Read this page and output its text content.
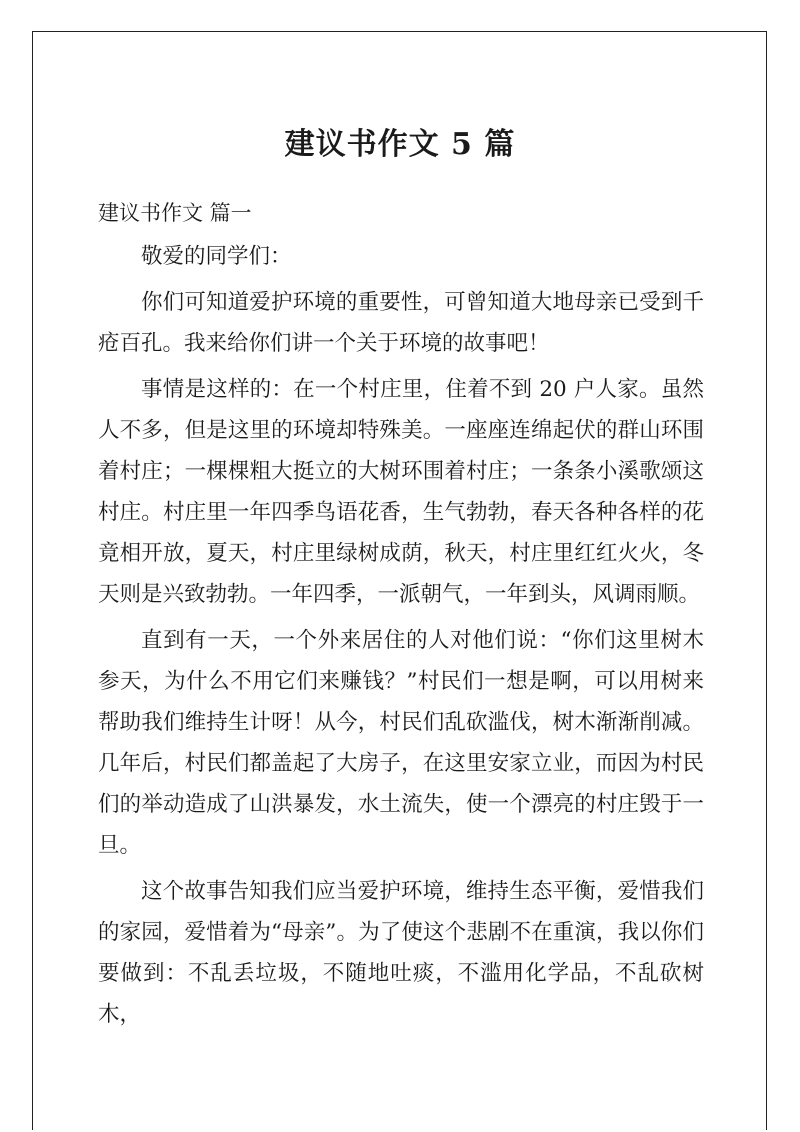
建议书作文 5 篇
建议书作文 篇一

敬爱的同学们：

你们可知道爱护环境的重要性，可曾知道大地母亲已受到千疮百孔。我来给你们讲一个关于环境的故事吧！

事情是这样的：在一个村庄里，住着不到 20 户人家。虽然人不多，但是这里的环境却特殊美。一座座连绵起伏的群山环围着村庄；一棵棵粗大挺立的大树环围着村庄；一条条小溪歌颂这村庄。村庄里一年四季鸟语花香，生气勃勃，春天各种各样的花竟相开放，夏天，村庄里绿树成荫，秋天，村庄里红红火火，冬天则是兴致勃勃。一年四季，一派朝气，一年到头，风调雨顺。

直到有一天，一个外来居住的人对他们说：“你们这里树木参天，为什么不用它们来赚钱？”村民们一想是啊，可以用树来帮助我们维持生计呀！从今，村民们乱砍滥伐，树木渐渐削减。几年后，村民们都盖起了大房子，在这里安家立业，而因为村民们的举动造成了山洪暴发，水土流失，使一个漂亮的村庄毁于一旦。

这个故事告知我们应当爱护环境，维持生态平衡，爱惜我们的家园，爱惜着为“母亲”。为了使这个悲剧不在重演，我以你们要做到：不乱丢垃圾，不随地吐痰，不滥用化学品，不乱砍树木，
